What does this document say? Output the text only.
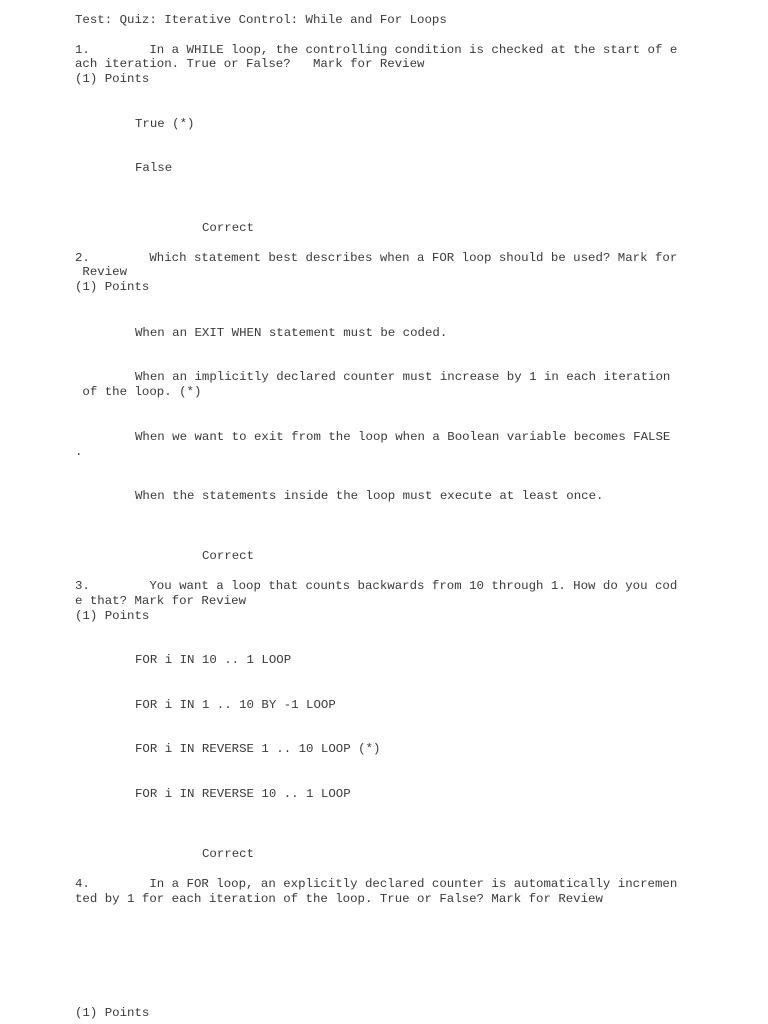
Test: Quiz: Iterative Control: While and For Loops
1.        In a WHILE loop, the controlling condition is checked at the start of e
ach iteration. True or False?   Mark for Review
(1) Points
True (*)
False
Correct
2.        Which statement best describes when a FOR loop should be used? Mark for
Review
(1) Points
When an EXIT WHEN statement must be coded.
When an implicitly declared counter must increase by 1 in each iteration
of the loop. (*)
When we want to exit from the loop when a Boolean variable becomes FALSE
.
When the statements inside the loop must execute at least once.
Correct
3.        You want a loop that counts backwards from 10 through 1. How do you cod
e that? Mark for Review
(1) Points
FOR i IN 10 .. 1 LOOP
FOR i IN 1 .. 10 BY -1 LOOP
FOR i IN REVERSE 1 .. 10 LOOP (*)
FOR i IN REVERSE 10 .. 1 LOOP
Correct
4.        In a FOR loop, an explicitly declared counter is automatically incremen
ted by 1 for each iteration of the loop. True or False? Mark for Review
(1) Points
